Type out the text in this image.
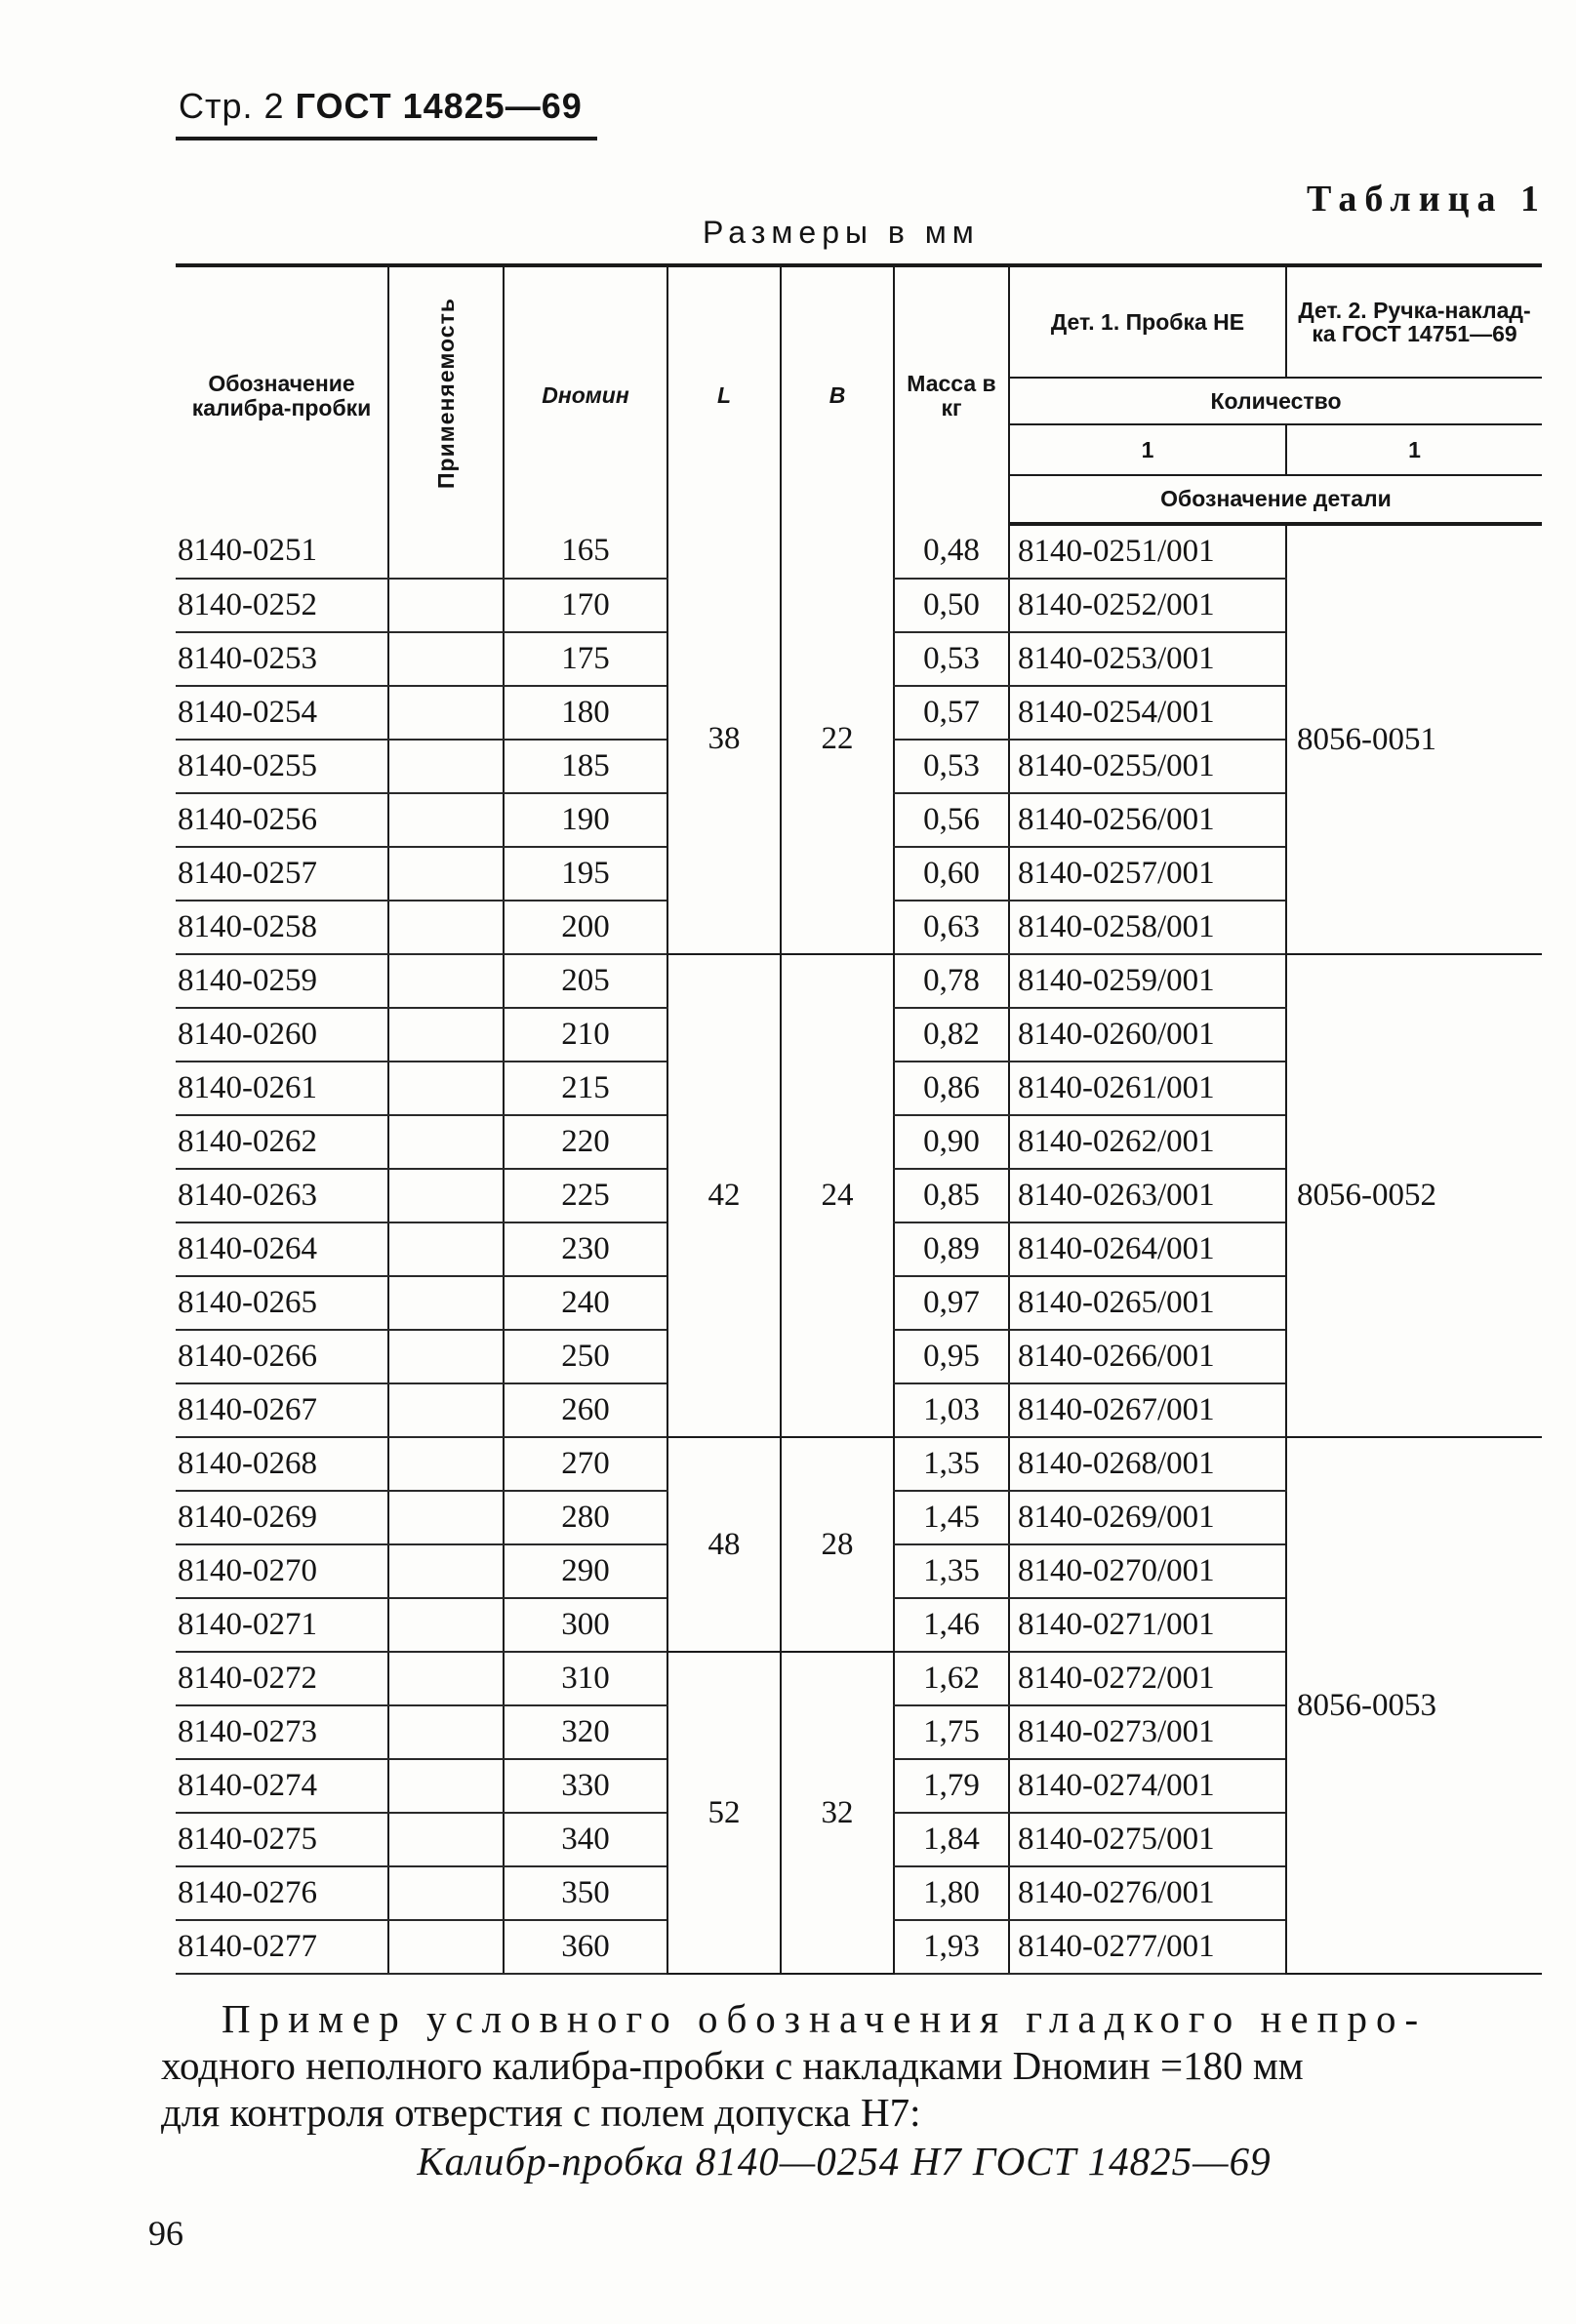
Стр. 2 ГОСТ 14825—69
Таблица 1
Размеры в мм
Обозначение калибра-пробки	Применяемость	Dномин	L	B	Масса в кг	Дет. 1. Пробка НЕ	Дет. 2. Ручка-наклад-ка ГОСТ 14751—69
						Количество	
						1	1
						Обозначение детали	
8140-0251		165	38	22	0,48	8140-0251/001	8056-0051
8140-0252		170			0,50	8140-0252/001	
8140-0253		175			0,53	8140-0253/001	
8140-0254		180			0,57	8140-0254/001	
8140-0255		185			0,53	8140-0255/001	
8140-0256		190			0,56	8140-0256/001	
8140-0257		195			0,60	8140-0257/001	
8140-0258		200			0,63	8140-0258/001	
8140-0259		205	42	24	0,78	8140-0259/001	8056-0052
8140-0260		210			0,82	8140-0260/001	
8140-0261		215			0,86	8140-0261/001	
8140-0262		220			0,90	8140-0262/001	
8140-0263		225			0,85	8140-0263/001	
8140-0264		230			0,89	8140-0264/001	
8140-0265		240			0,97	8140-0265/001	
8140-0266		250			0,95	8140-0266/001	
8140-0267		260			1,03	8140-0267/001	
8140-0268		270	48	28	1,35	8140-0268/001	8056-0053
8140-0269		280			1,45	8140-0269/001	
8140-0270		290			1,35	8140-0270/001	
8140-0271		300			1,46	8140-0271/001	
8140-0272		310	52	32	1,62	8140-0272/001	
8140-0273		320			1,75	8140-0273/001	
8140-0274		330			1,79	8140-0274/001	
8140-0275		340			1,84	8140-0275/001	
8140-0276		350			1,80	8140-0276/001	
8140-0277		360			1,93	8140-0277/001	
Пример условного обозначения гладкого непро-
ходного неполного калибра-пробки с накладками Dномин =180 мм
для контроля отверстия с полем допуска H7:
Калибр-пробка 8140—0254 H7 ГОСТ 14825—69
96
